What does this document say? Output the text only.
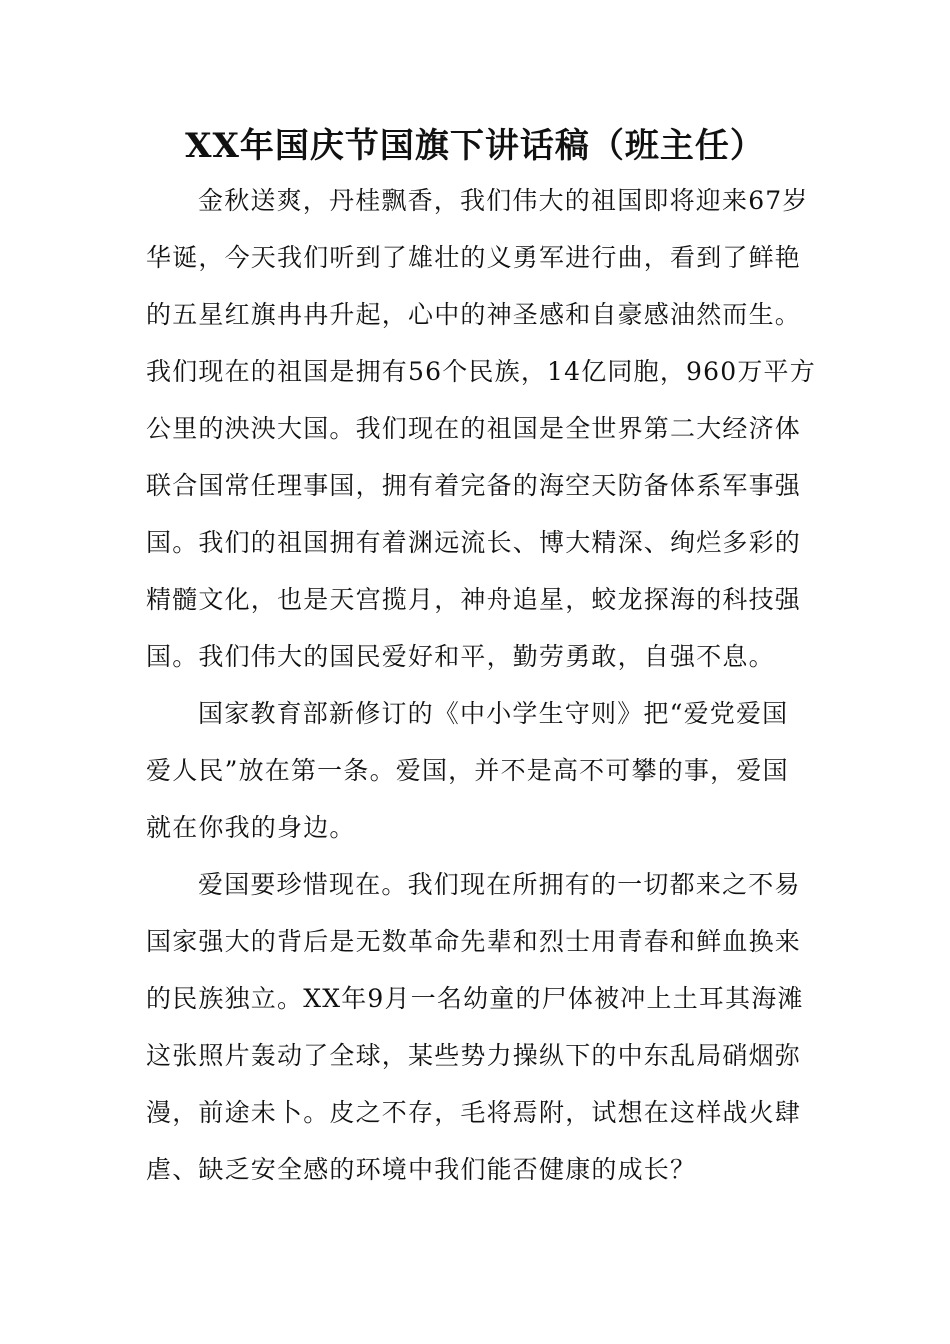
XX年国庆节国旗下讲话稿（班主任）
金秋送爽，丹桂飘香，我们伟大的祖国即将迎来67岁
华诞，今天我们听到了雄壮的义勇军进行曲，看到了鲜艳
的五星红旗冉冉升起，心中的神圣感和自豪感油然而生。
我们现在的祖国是拥有56个民族，14亿同胞，960万平方
公里的泱泱大国。我们现在的祖国是全世界第二大经济体
联合国常任理事国，拥有着完备的海空天防备体系军事强
国。我们的祖国拥有着渊远流长、博大精深、绚烂多彩的
精髓文化，也是天宫揽月，神舟追星，蛟龙探海的科技强
国。我们伟大的国民爱好和平，勤劳勇敢，自强不息。
国家教育部新修订的《中小学生守则》把“爱党爱国
爱人民”放在第一条。爱国，并不是高不可攀的事，爱国
就在你我的身边。
爱国要珍惜现在。我们现在所拥有的一切都来之不易
国家强大的背后是无数革命先辈和烈士用青春和鲜血换来
的民族独立。XX年9月一名幼童的尸体被冲上土耳其海滩
这张照片轰动了全球，某些势力操纵下的中东乱局硝烟弥
漫，前途未卜。皮之不存，毛将焉附，试想在这样战火肆
虐、缺乏安全感的环境中我们能否健康的成长？
